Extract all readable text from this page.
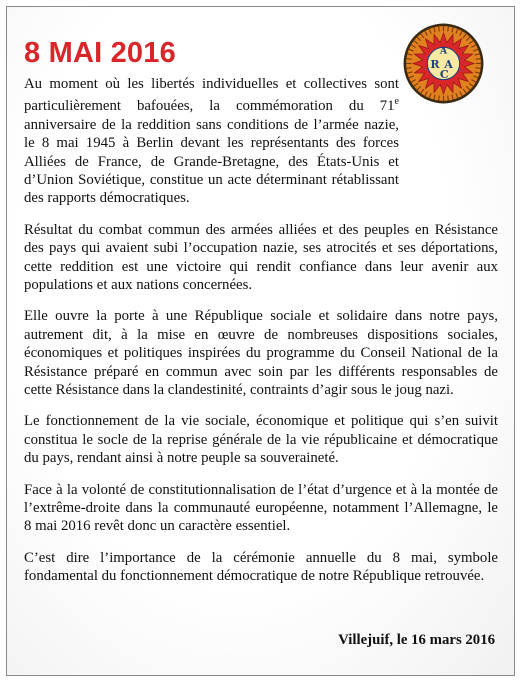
8 MAI 2016	A
R A
C

Au moment où les libertés individuelles et collectives sont particulièrement bafouées, la commémoration du 71e anniversaire de la reddition sans conditions de l’armée nazie, le 8 mai 1945 à Berlin devant les représentants des forces Alliées de France, de Grande-Bretagne, des États-Unis et d’Union Soviétique, constitue un acte déterminant rétablissant des rapports démocratiques.

Résultat du combat commun des armées alliées et des peuples en Résistance des pays qui avaient subi l’occupation nazie, ses atrocités et ses déportations, cette reddition est une victoire qui rendit confiance dans leur avenir aux populations et aux nations concernées.

Elle ouvre la porte à une République sociale et solidaire dans notre pays, autrement dit, à la mise en œuvre de nombreuses dispositions sociales, économiques et politiques inspirées du programme du Conseil National de la Résistance préparé en commun avec soin par les différents responsables de cette Résistance dans la clandestinité, contraints d’agir sous le joug nazi.

Le fonctionnement de la vie sociale, économique et politique qui s’en suivit constitua le socle de la reprise générale de la vie républicaine et démocratique du pays, rendant ainsi à notre peuple sa souveraineté.

Face à la volonté de constitutionnalisation de l’état d’urgence et à la montée de l’extrême-droite dans la communauté européenne, notamment l’Allemagne, le 8 mai 2016 revêt donc un caractère essentiel.

C’est dire l’importance de la cérémonie annuelle du 8 mai, symbole fondamental du fonctionnement démocratique de notre République retrouvée.

Villejuif, le 16 mars 2016
